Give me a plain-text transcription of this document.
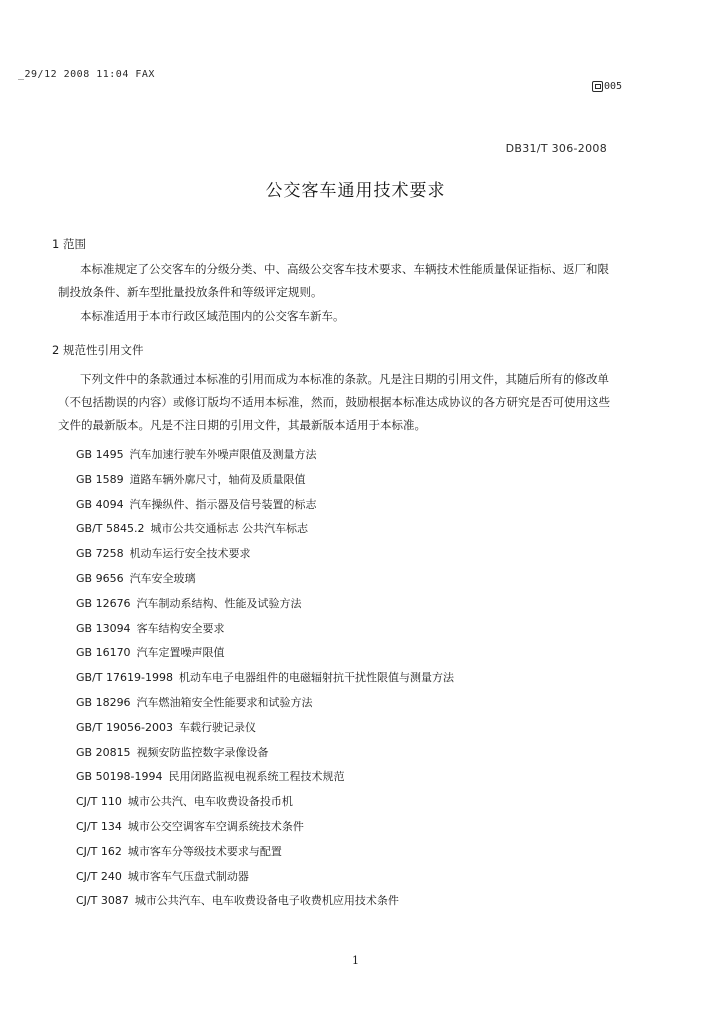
_29/12 2008 11:04 FAX
005
DB31/T 306-2008
公交客车通用技术要求
1 范围

本标准规定了公交客车的分级分类、中、高级公交客车技术要求、车辆技术性能质量保证指标、返厂和限制投放条件、新车型批量投放条件和等级评定规则。

本标准适用于本市行政区域范围内的公交客车新车。

2 规范性引用文件

下列文件中的条款通过本标准的引用而成为本标准的条款。凡是注日期的引用文件，其随后所有的修改单（不包括勘误的内容）或修订版均不适用本标准，然而，鼓励根据本标准达成协议的各方研究是否可使用这些文件的最新版本。凡是不注日期的引用文件，其最新版本适用于本标准。

GB 1495 汽车加速行驶车外噪声限值及测量方法
GB 1589 道路车辆外廓尺寸，轴荷及质量限值
GB 4094 汽车操纵件、指示器及信号装置的标志
GB/T 5845.2 城市公共交通标志 公共汽车标志
GB 7258 机动车运行安全技术要求
GB 9656 汽车安全玻璃
GB 12676 汽车制动系结构、性能及试验方法
GB 13094 客车结构安全要求
GB 16170 汽车定置噪声限值
GB/T 17619-1998 机动车电子电器组件的电磁辐射抗干扰性限值与测量方法
GB 18296 汽车燃油箱安全性能要求和试验方法
GB/T 19056-2003 车载行驶记录仪
GB 20815 视频安防监控数字录像设备
GB 50198-1994 民用闭路监视电视系统工程技术规范
CJ/T 110 城市公共汽、电车收费设备投币机
CJ/T 134 城市公交空调客车空调系统技术条件
CJ/T 162 城市客车分等级技术要求与配置
CJ/T 240 城市客车气压盘式制动器
CJ/T 3087 城市公共汽车、电车收费设备电子收费机应用技术条件
1
